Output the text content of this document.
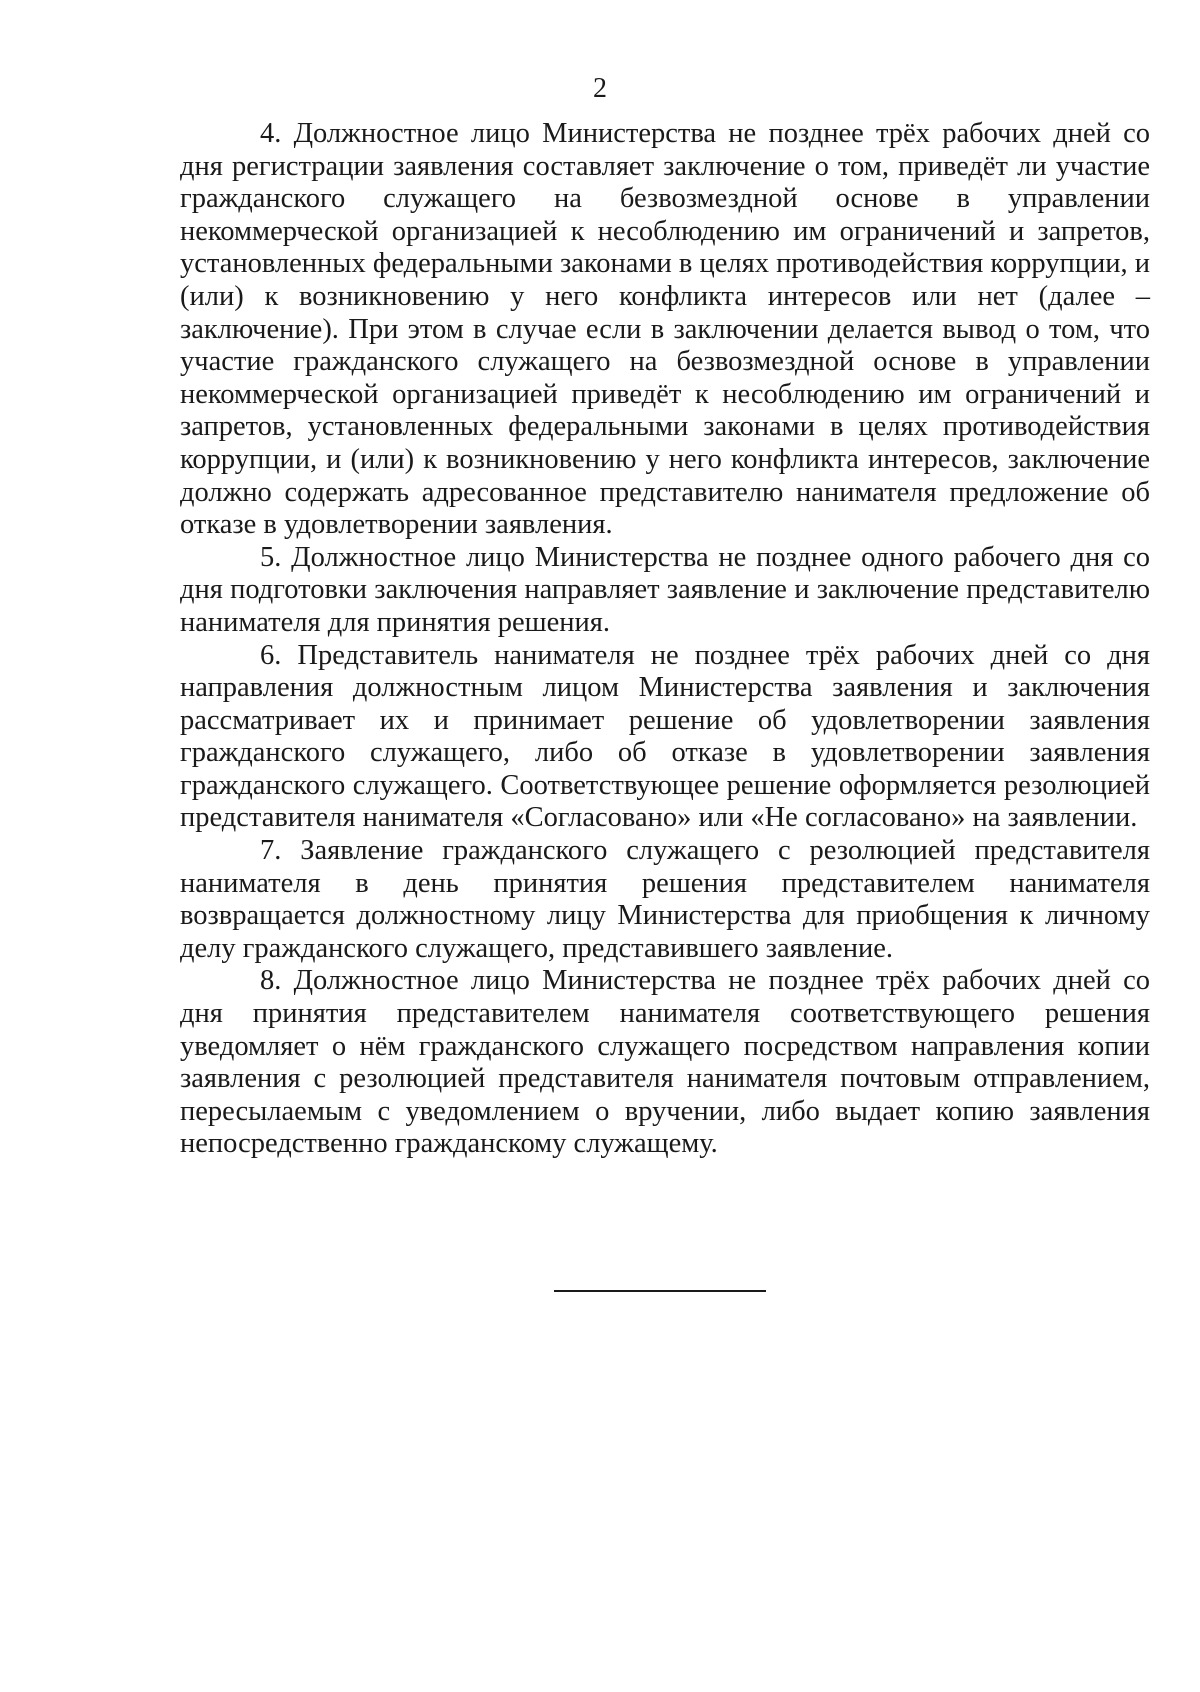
2

4. Должностное лицо Министерства не позднее трёх рабочих дней со дня регистрации заявления составляет заключение о том, приведёт ли участие гражданского служащего на безвозмездной основе в управлении некоммерческой организацией к несоблюдению им ограничений и запретов, установленных федеральными законами в целях противодействия коррупции, и (или) к возникновению у него конфликта интересов или нет (далее – заключение). При этом в случае если в заключении делается вывод о том, что участие гражданского служащего на безвозмездной основе в управлении некоммерческой организацией приведёт к несоблюдению им ограничений и запретов, установленных федеральными законами в целях противодействия коррупции, и (или) к возникновению у него конфликта интересов, заключение должно содержать адресованное представителю нанимателя предложение об отказе в удовлетворении заявления.

5. Должностное лицо Министерства не позднее одного рабочего дня со дня подготовки заключения направляет заявление и заключение представителю нанимателя для принятия решения.

6. Представитель нанимателя не позднее трёх рабочих дней со дня направления должностным лицом Министерства заявления и заключения рассматривает их и принимает решение об удовлетворении заявления гражданского служащего, либо об отказе в удовлетворении заявления гражданского служащего. Соответствующее решение оформляется резолюцией представителя нанимателя «Согласовано» или «Не согласовано» на заявлении.

7. Заявление гражданского служащего с резолюцией представителя нанимателя в день принятия решения представителем нанимателя возвращается должностному лицу Министерства для приобщения к личному делу гражданского служащего, представившего заявление.

8. Должностное лицо Министерства не позднее трёх рабочих дней со дня принятия представителем нанимателя соответствующего решения уведомляет о нём гражданского служащего посредством направления копии заявления с резолюцией представителя нанимателя почтовым отправлением, пересылаемым с уведомлением о вручении, либо выдает копию заявления непосредственно гражданскому служащему.
